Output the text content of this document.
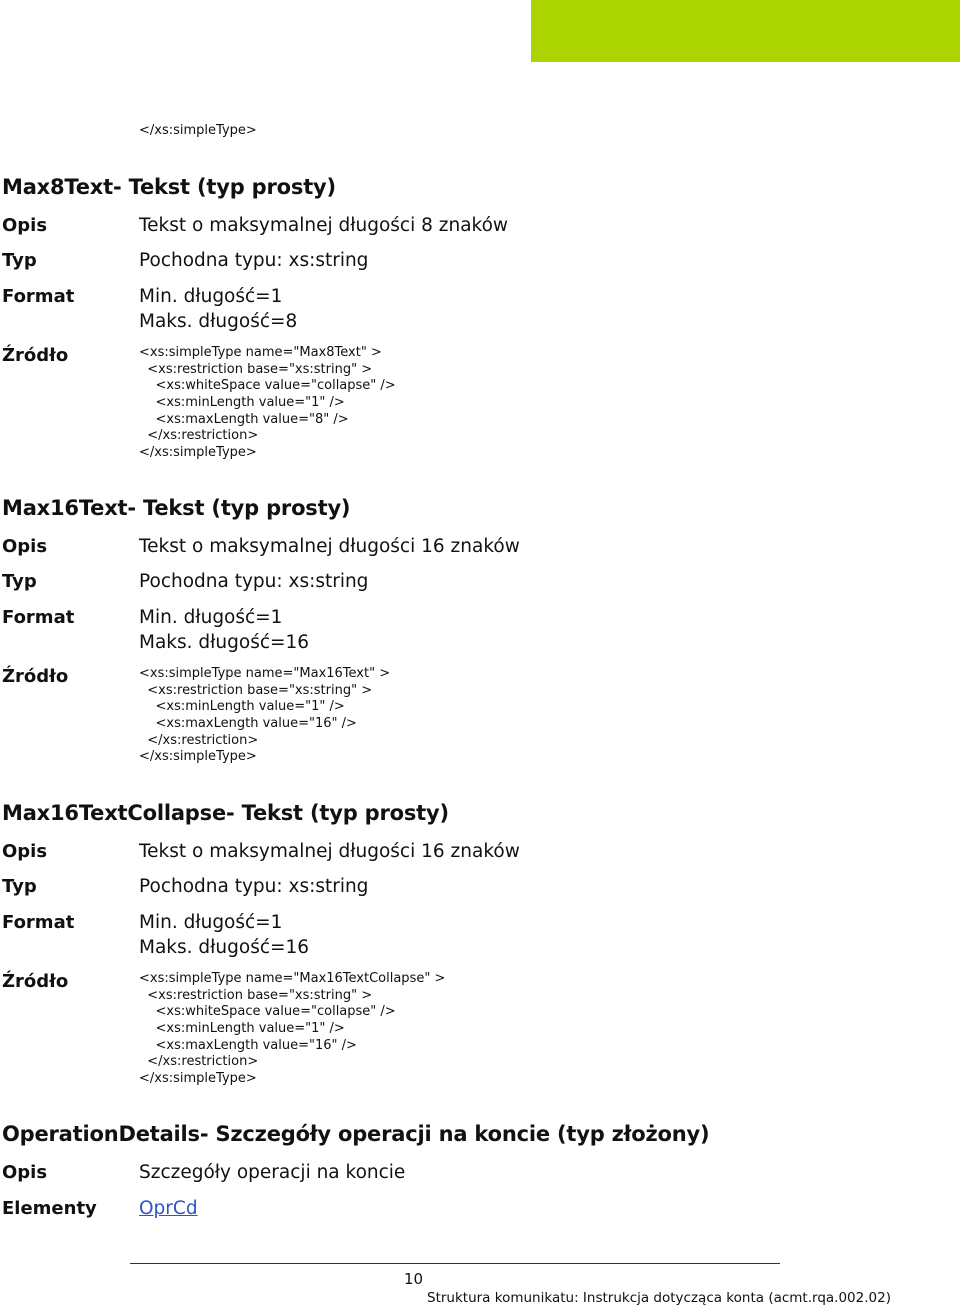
</xs:simpleType>
Max8Text- Tekst (typ prosty)
Opis	Tekst o maksymalnej długości 8 znaków
Typ	Pochodna typu: xs:string
Format	Min. długość=1
Maks. długość=8
Źródło	<xs:simpleType name="Max8Text" >
<xs:restriction base="xs:string" >
<xs:whiteSpace value="collapse" />
<xs:minLength value="1" />
<xs:maxLength value="8" />
</xs:restriction>
</xs:simpleType>
Max16Text- Tekst (typ prosty)
Opis	Tekst o maksymalnej długości 16 znaków
Typ	Pochodna typu: xs:string
Format	Min. długość=1
Maks. długość=16
Źródło	<xs:simpleType name="Max16Text" >
<xs:restriction base="xs:string" >
<xs:minLength value="1" />
<xs:maxLength value="16" />
</xs:restriction>
</xs:simpleType>
Max16TextCollapse- Tekst (typ prosty)
Opis	Tekst o maksymalnej długości 16 znaków
Typ	Pochodna typu: xs:string
Format	Min. długość=1
Maks. długość=16
Źródło	<xs:simpleType name="Max16TextCollapse" >
<xs:restriction base="xs:string" >
<xs:whiteSpace value="collapse" />
<xs:minLength value="1" />
<xs:maxLength value="16" />
</xs:restriction>
</xs:simpleType>
OperationDetails- Szczegóły operacji na koncie (typ złożony)
Opis	Szczegóły operacji na koncie
Elementy OprCd
10
Struktura komunikatu: Instrukcja dotycząca konta (acmt.rqa.002.02)
